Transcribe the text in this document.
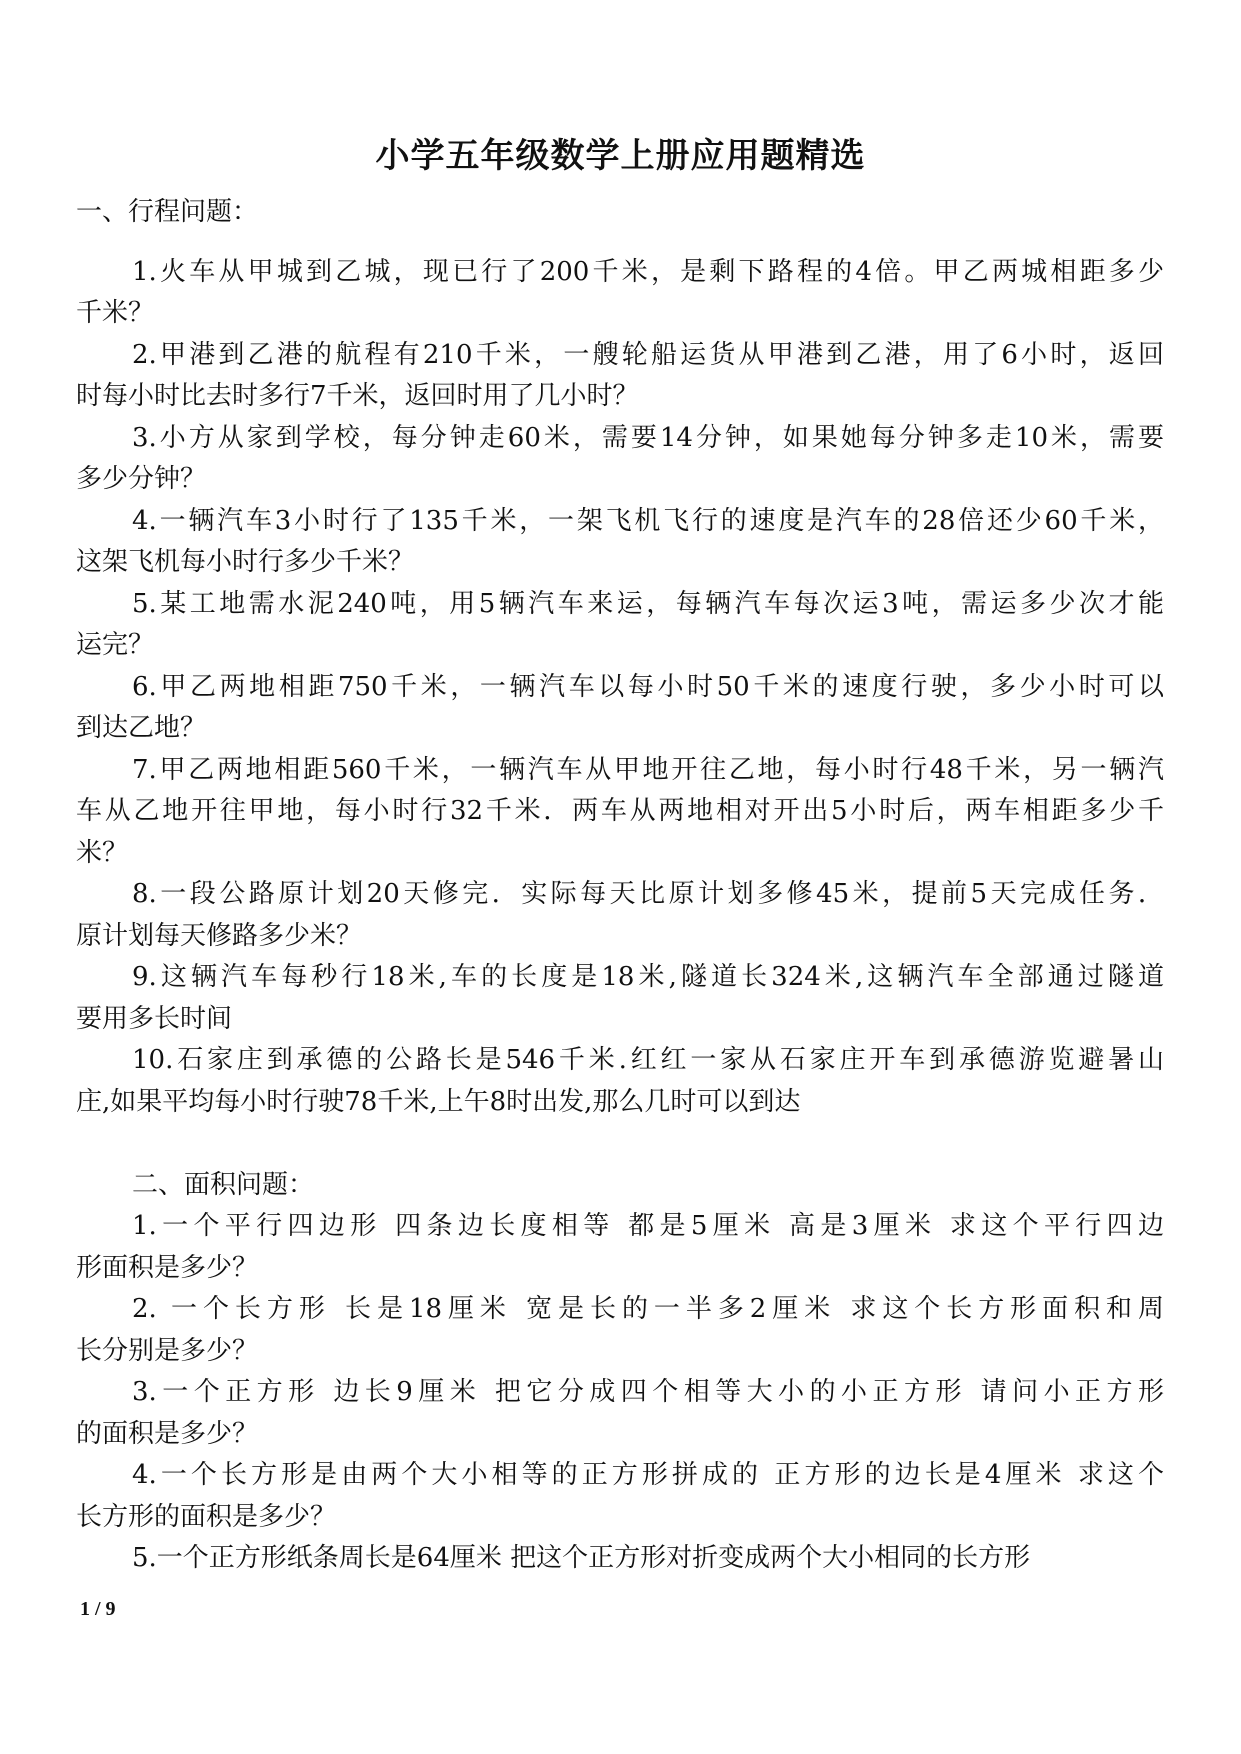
小学五年级数学上册应用题精选
一、行程问题：
1.火车从甲城到乙城，现已行了200千米，是剩下路程的4倍。甲乙两城相距多少
千米？
2.甲港到乙港的航程有210千米，一艘轮船运货从甲港到乙港，用了6小时，返回
时每小时比去时多行7千米，返回时用了几小时？
3.小方从家到学校，每分钟走60米，需要14分钟，如果她每分钟多走10米，需要
多少分钟？
4.一辆汽车3小时行了135千米，一架飞机飞行的速度是汽车的28倍还少60千米，
这架飞机每小时行多少千米？
5.某工地需水泥240吨，用5辆汽车来运，每辆汽车每次运3吨，需运多少次才能
运完？
6.甲乙两地相距750千米，一辆汽车以每小时50千米的速度行驶，多少小时可以
到达乙地？
7.甲乙两地相距560千米，一辆汽车从甲地开往乙地，每小时行48千米，另一辆汽
车从乙地开往甲地，每小时行32千米．两车从两地相对开出5小时后，两车相距多少千
米？
8.一段公路原计划20天修完．实际每天比原计划多修45米，提前5天完成任务．
原计划每天修路多少米？
9.这辆汽车每秒行18米,车的长度是18米,隧道长324米,这辆汽车全部通过隧道
要用多长时间
10.石家庄到承德的公路长是546千米.红红一家从石家庄开车到承德游览避暑山
庄,如果平均每小时行驶78千米,上午8时出发,那么几时可以到达
二、面积问题：
1.一个平行四边形 四条边长度相等 都是5厘米 高是3厘米 求这个平行四边
形面积是多少？
2. 一个长方形 长是18厘米 宽是长的一半多2厘米 求这个长方形面积和周
长分别是多少？
3.一个正方形 边长9厘米 把它分成四个相等大小的小正方形 请问小正方形
的面积是多少？
4.一个长方形是由两个大小相等的正方形拼成的 正方形的边长是4厘米 求这个
长方形的面积是多少？
5.一个正方形纸条周长是64厘米 把这个正方形对折变成两个大小相同的长方形
1 / 9
